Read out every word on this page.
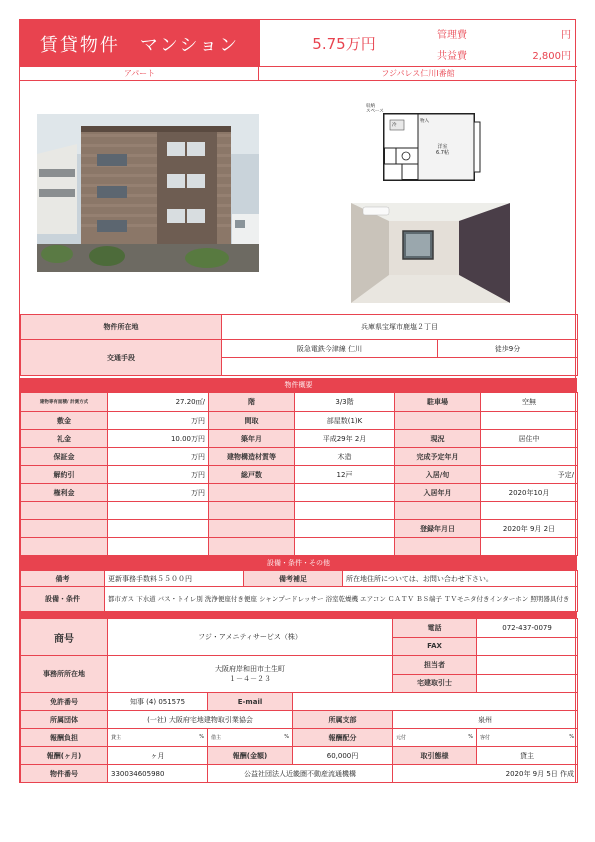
賃貸物件　マンション	5.75万円	管理費	円
共益費	2,800円
アパート	フジパレス仁川Ⅰ番館
収納
スペース
洋室
6.7帖
物入
冷
物件所在地	兵庫県宝塚市鹿塩２丁目	
交通手段	阪急電鉄今津線 仁川	徒歩9分

物件概要
建物専有面積/ 計測方式	27.20㎡/	階	3/3階	駐車場	空無
敷金	万円	間取	部屋数(1)K		
礼金	10.00万円	築年月	平成29年 2月	現況	居住中
保証金	万円	建物構造材質等	木造	完成予定年月	
解約引	万円	総戸数	12戸	入居/旬	予定/
権利金	万円			入居年月	2020年10月

				登録年月日	2020年 9月 2日

設備・条件・その他
備考	更新事務手数料５５００円	備考補足	所在地住所については、お問い合わせ下さい。
設備・条件	都市ガス 下水道 バス・トイレ別 洗浄便座付き便座 シャンプードレッサー 浴室乾燥機 エアコン ＣＡＴＶ ＢＳ端子 ＴＶモニタ付きインターホン 照明器具付き		
商号	フジ・アメニティサービス（株）			電話	072-437-0079
				FAX	
事務所所在地	大阪府岸和田市土生町
１－４－２３			担当者	
				宅建取引士	
免許番号	知事 (4) 051575	E-mail			
所属団体	(一社) 大阪府宅地建物取引業協会		所属支部	泉州	
報酬負担	貸主 %	借主 %	報酬配分	元付 %	客付 %

報酬(ヶ月)	ヶ月	報酬(金額)	60,000円	取引態様	貸主
物件番号	330034605980	公益社団法人近畿圏不動産流通機構		2020年 9月 5日 作成	
